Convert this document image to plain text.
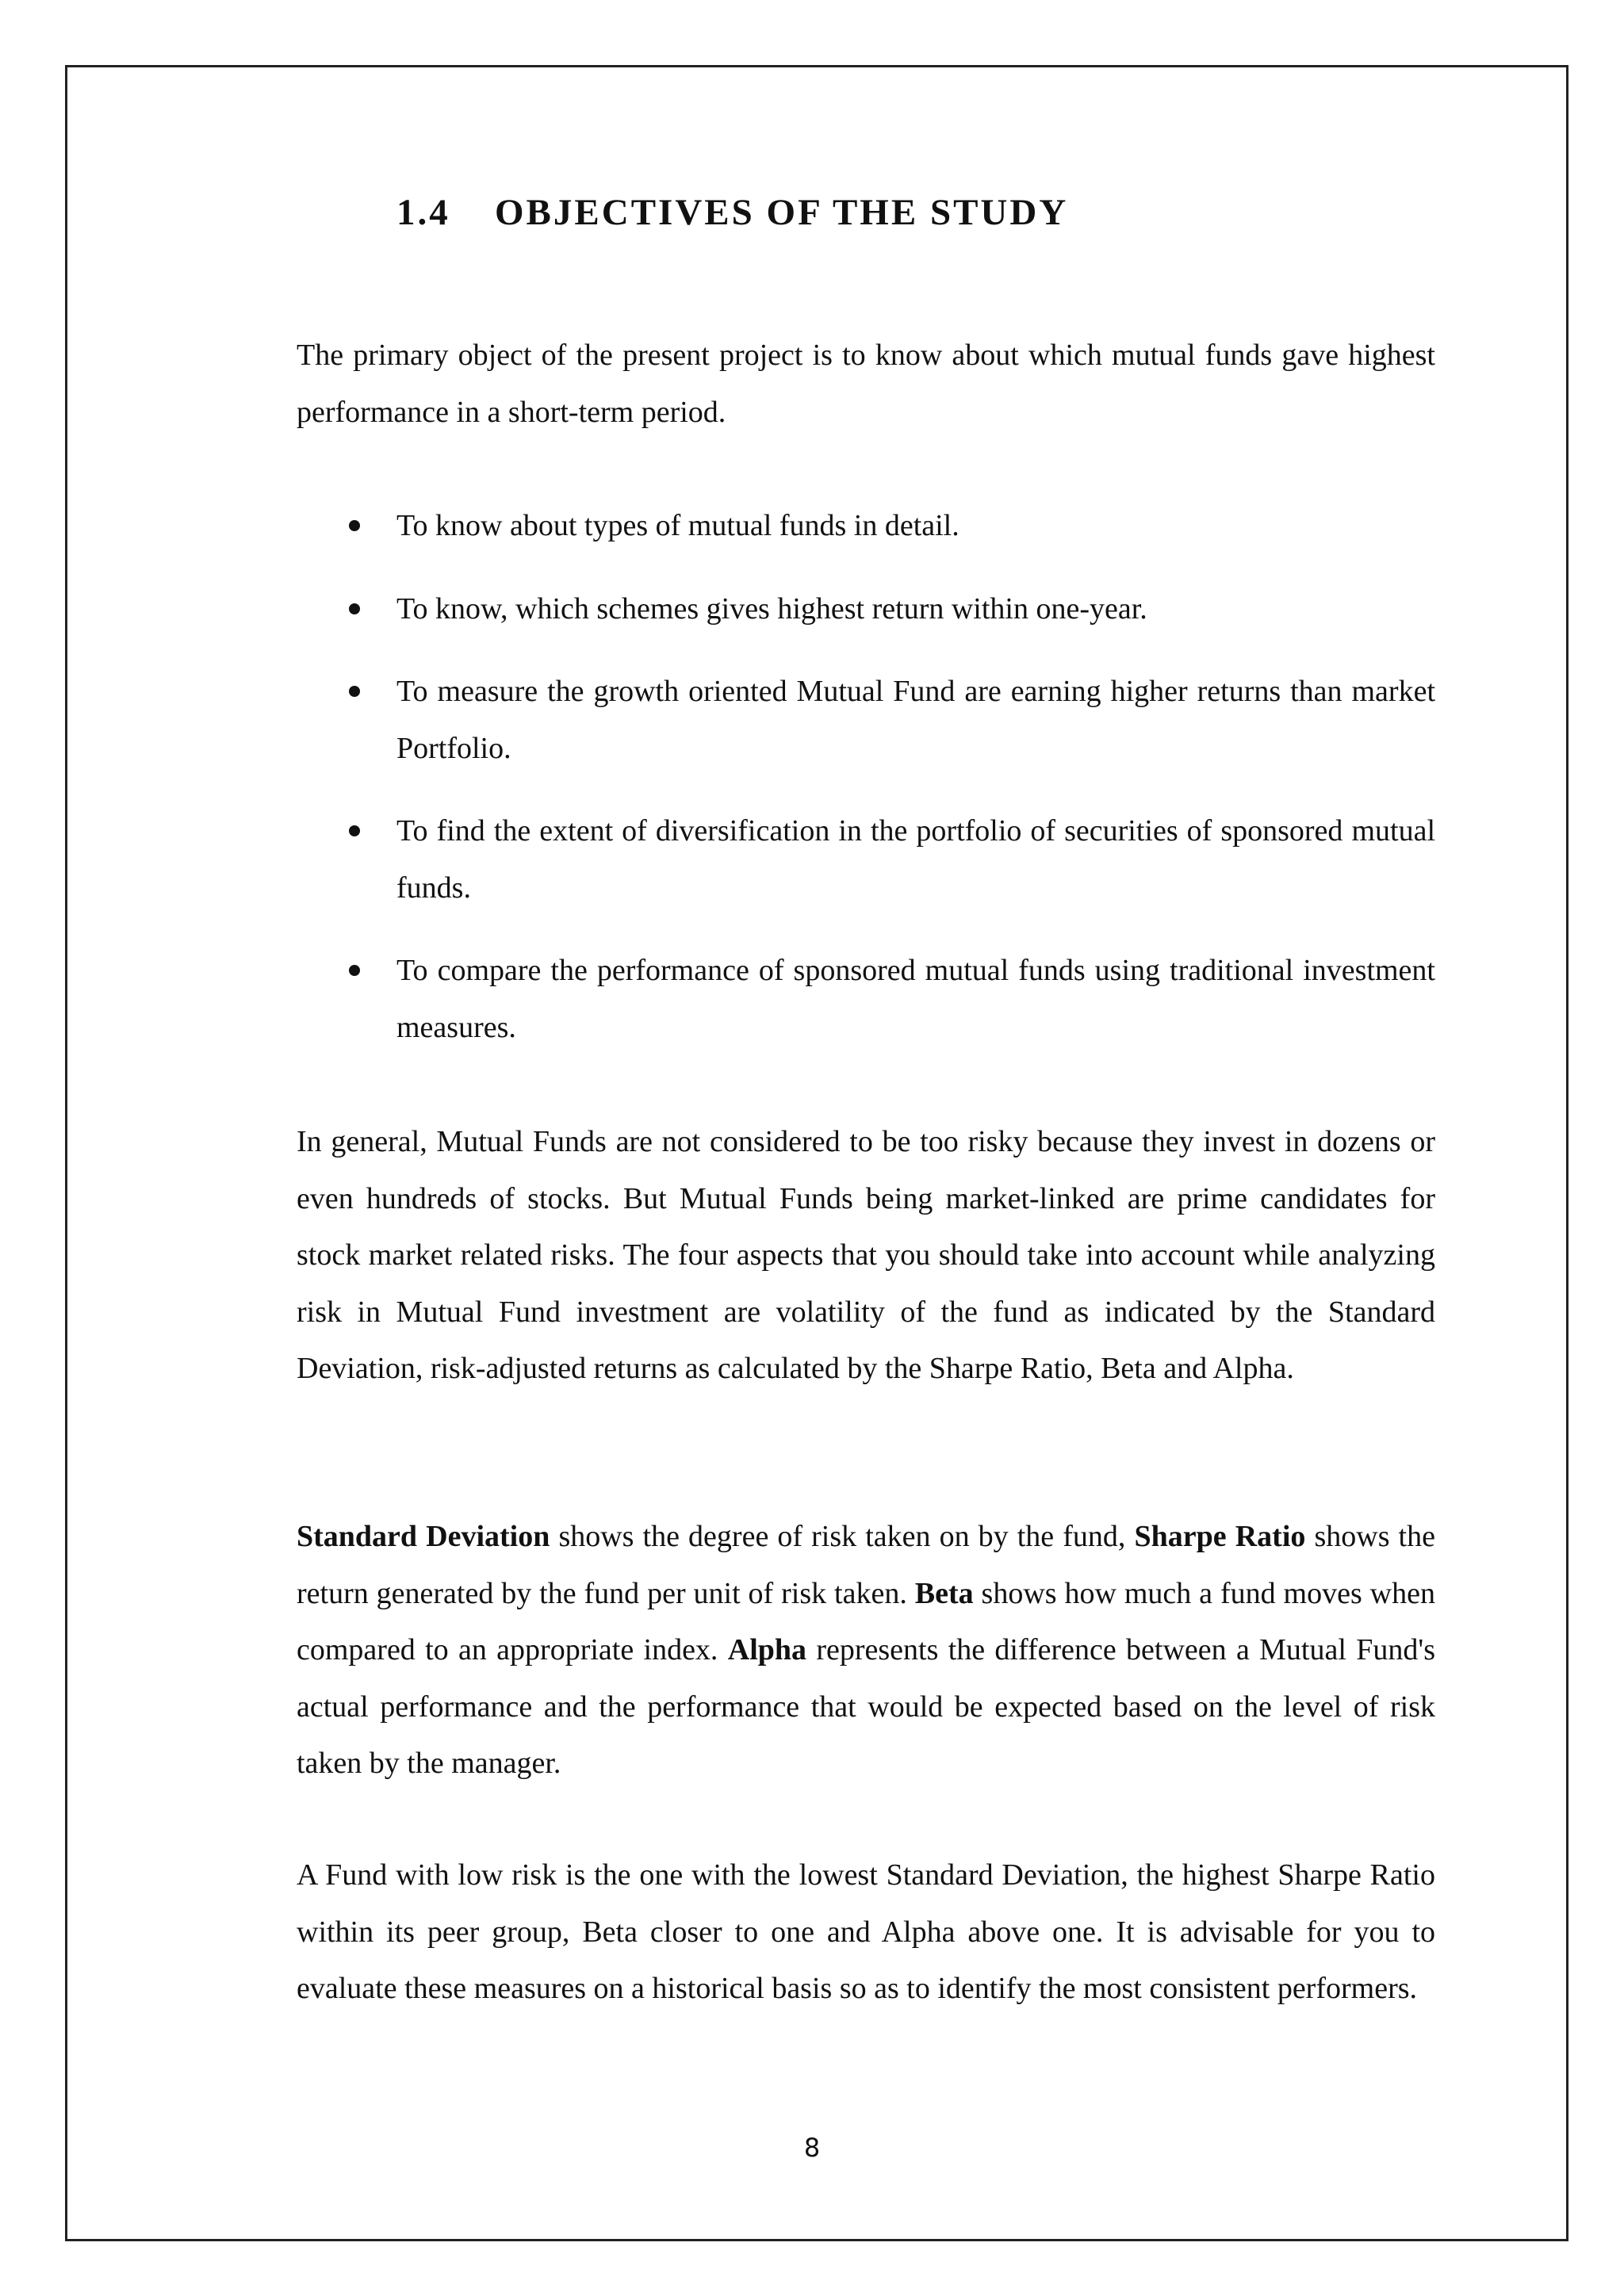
1.4 OBJECTIVES OF THE STUDY

The primary object of the present project is to know about which mutual funds gave highest performance in a short-term period.

To know about types of mutual funds in detail.
To know, which schemes gives highest return within one-year.
To measure the growth oriented Mutual Fund are earning higher returns than market Portfolio.
To find the extent of diversification in the portfolio of securities of sponsored mutual funds.
To compare the performance of sponsored mutual funds using traditional investment measures.

In general, Mutual Funds are not considered to be too risky because they invest in dozens or even hundreds of stocks. But Mutual Funds being market-linked are prime candidates for stock market related risks. The four aspects that you should take into account while analyzing risk in Mutual Fund investment are volatility of the fund as indicated by the Standard Deviation, risk-adjusted returns as calculated by the Sharpe Ratio, Beta and Alpha.

Standard Deviation shows the degree of risk taken on by the fund, Sharpe Ratio shows the return generated by the fund per unit of risk taken. Beta shows how much a fund moves when compared to an appropriate index. Alpha represents the difference between a Mutual Fund's actual performance and the performance that would be expected based on the level of risk taken by the manager.

A Fund with low risk is the one with the lowest Standard Deviation, the highest Sharpe Ratio within its peer group, Beta closer to one and Alpha above one. It is advisable for you to evaluate these measures on a historical basis so as to identify the most consistent performers.

8
